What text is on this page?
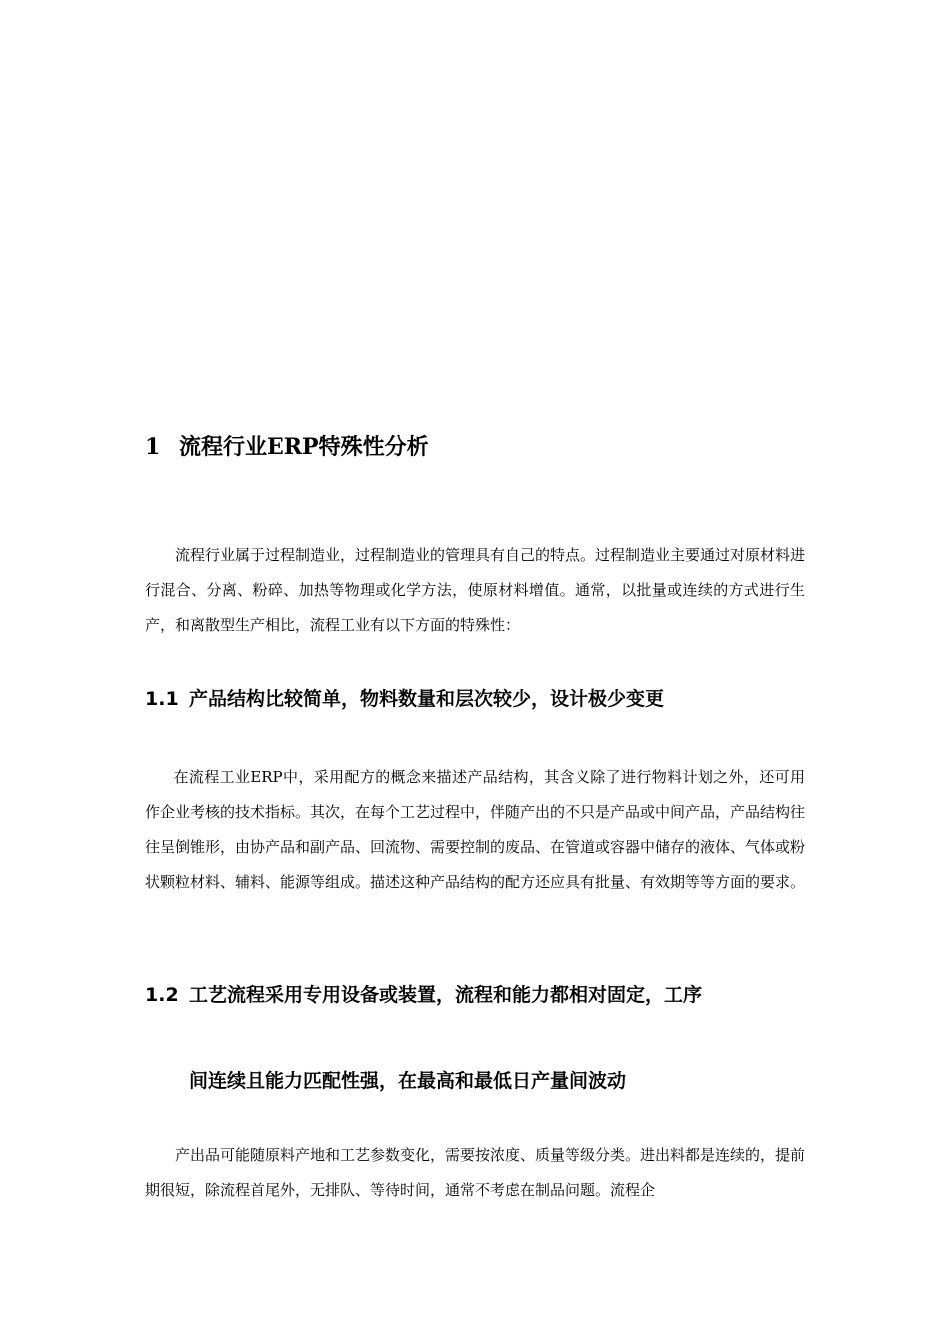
1 流程行业ERP特殊性分析

流程行业属于过程制造业，过程制造业的管理具有自己的特点。过程制造业主要通过对原材料进行混合、分离、粉碎、加热等物理或化学方法，使原材料增值。通常，以批量或连续的方式进行生产，和离散型生产相比，流程工业有以下方面的特殊性：

1.1 产品结构比较简单，物料数量和层次较少，设计极少变更

在流程工业ERP中，采用配方的概念来描述产品结构，其含义除了进行物料计划之外，还可用作企业考核的技术指标。其次，在每个工艺过程中，伴随产出的不只是产品或中间产品，产品结构往往呈倒锥形，由协产品和副产品、回流物、需要控制的废品、在管道或容器中储存的液体、气体或粉状颗粒材料、辅料、能源等组成。描述这种产品结构的配方还应具有批量、有效期等等方面的要求。

1.2 工艺流程采用专用设备或装置，流程和能力都相对固定，工序
间连续且能力匹配性强，在最高和最低日产量间波动

产出品可能随原料产地和工艺参数变化，需要按浓度、质量等级分类。进出料都是连续的，提前期很短，除流程首尾外，无排队、等待时间，通常不考虑在制品问题。流程企
